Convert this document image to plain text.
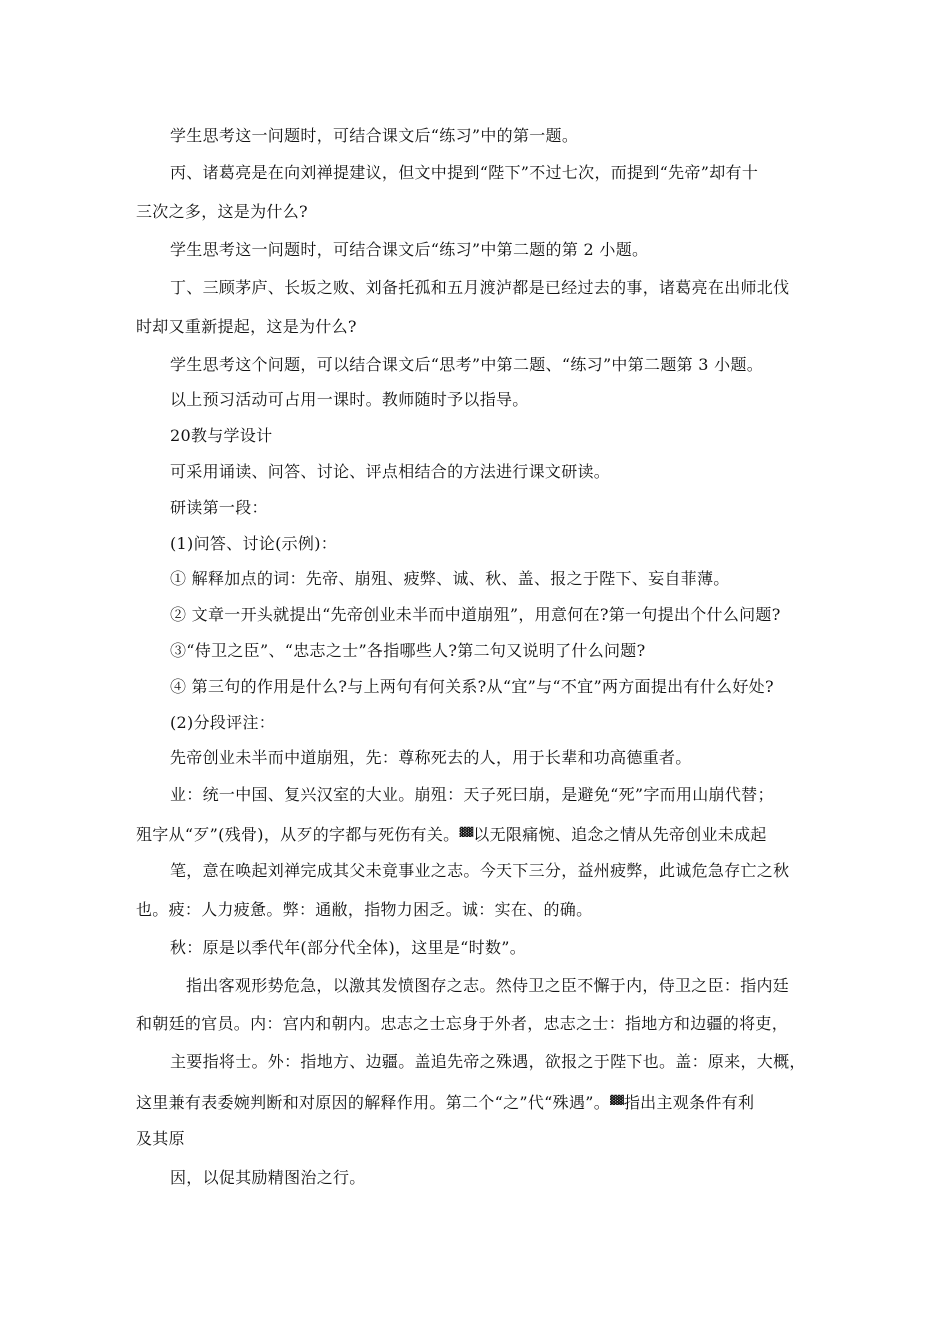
学生思考这一问题时，可结合课文后“练习”中的第一题。
丙、诸葛亮是在向刘禅提建议，但文中提到“陛下”不过七次，而提到“先帝”却有十
三次之多，这是为什么?
学生思考这一问题时，可结合课文后“练习”中第二题的第 2 小题。
丁、三顾茅庐、长坂之败、刘备托孤和五月渡泸都是已经过去的事，诸葛亮在出师北伐
时却又重新提起，这是为什么?
学生思考这个问题，可以结合课文后“思考”中第二题、“练习”中第二题第 3 小题。
以上预习活动可占用一课时。教师随时予以指导。
20教与学设计
可采用诵读、问答、讨论、评点相结合的方法进行课文研读。
研读第一段：
(1)问答、讨论(示例)：
① 解释加点的词：先帝、崩殂、疲弊、诚、秋、盖、报之于陛下、妄自菲薄。
② 文章一开头就提出“先帝创业未半而中道崩殂”，用意何在?第一句提出个什么问题?
③“侍卫之臣”、“忠志之士”各指哪些人?第二句又说明了什么问题?
④ 第三句的作用是什么?与上两句有何关系?从“宜”与“不宜”两方面提出有什么好处?
(2)分段评注：
先帝创业未半而中道崩殂，先：尊称死去的人，用于长辈和功高德重者。
业：统一中国、复兴汉室的大业。崩殂：天子死曰崩，是避免“死”字而用山崩代替；
殂字从“歹”(残骨)，从歹的字都与死伤有关。▓▓以无限痛惋、追念之情从先帝创业未成起
笔，意在唤起刘禅完成其父未竟事业之志。今天下三分，益州疲弊，此诚危急存亡之秋
也。疲：人力疲惫。弊：通敝，指物力困乏。诚：实在、的确。
秋：原是以季代年(部分代全体)，这里是“时数”。
指出客观形势危急，以激其发愤图存之志。然侍卫之臣不懈于内，侍卫之臣：指内廷
和朝廷的官员。内：宫内和朝内。忠志之士忘身于外者，忠志之士：指地方和边疆的将吏，
主要指将士。外：指地方、边疆。盖追先帝之殊遇，欲报之于陛下也。盖：原来，大概，
这里兼有表委婉判断和对原因的解释作用。第二个“之”代“殊遇”。▓▓指出主观条件有利
及其原
因，以促其励精图治之行。
